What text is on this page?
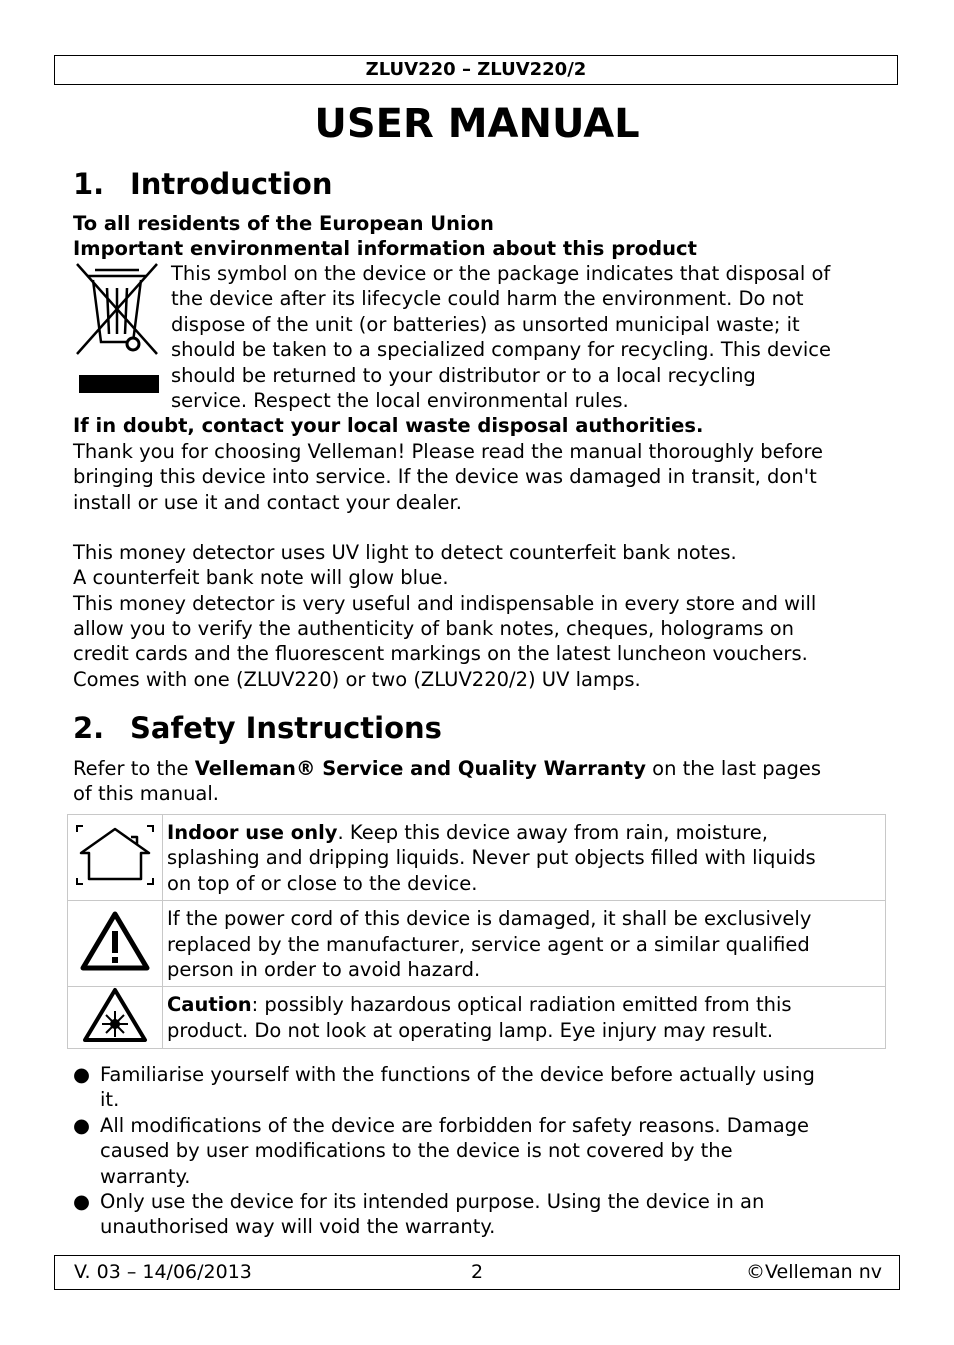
ZLUV220 – ZLUV220/2
USER MANUAL
1. Introduction
To all residents of the European Union
Important environmental information about this product
This symbol on the device or the package indicates that disposal of
the device after its lifecycle could harm the environment. Do not
dispose of the unit (or batteries) as unsorted municipal waste; it
should be taken to a specialized company for recycling. This device
should be returned to your distributor or to a local recycling
service. Respect the local environmental rules.
If in doubt, contact your local waste disposal authorities.
Thank you for choosing Velleman! Please read the manual thoroughly before
bringing this device into service. If the device was damaged in transit, don't
install or use it and contact your dealer.
This money detector uses UV light to detect counterfeit bank notes.
A counterfeit bank note will glow blue.
This money detector is very useful and indispensable in every store and will
allow you to verify the authenticity of bank notes, cheques, holograms on
credit cards and the fluorescent markings on the latest luncheon vouchers.
Comes with one (ZLUV220) or two (ZLUV220/2) UV lamps.
2. Safety Instructions
Refer to the Velleman® Service and Quality Warranty on the last pages
of this manual.

Indoor use only. Keep this device away from rain, moisture,
splashing and dripping liquids. Never put objects filled with liquids
on top of or close to the device.

If the power cord of this device is damaged, it shall be exclusively
replaced by the manufacturer, service agent or a similar qualified
person in order to avoid hazard.

Caution: possibly hazardous optical radiation emitted from this
product. Do not look at operating lamp. Eye injury may result.
● Familiarise yourself with the functions of the device before actually using
it.
● All modifications of the device are forbidden for safety reasons. Damage
caused by user modifications to the device is not covered by the
warranty.
● Only use the device for its intended purpose. Using the device in an
unauthorised way will void the warranty.
2
V. 03 – 14/06/2013	©Velleman nv
